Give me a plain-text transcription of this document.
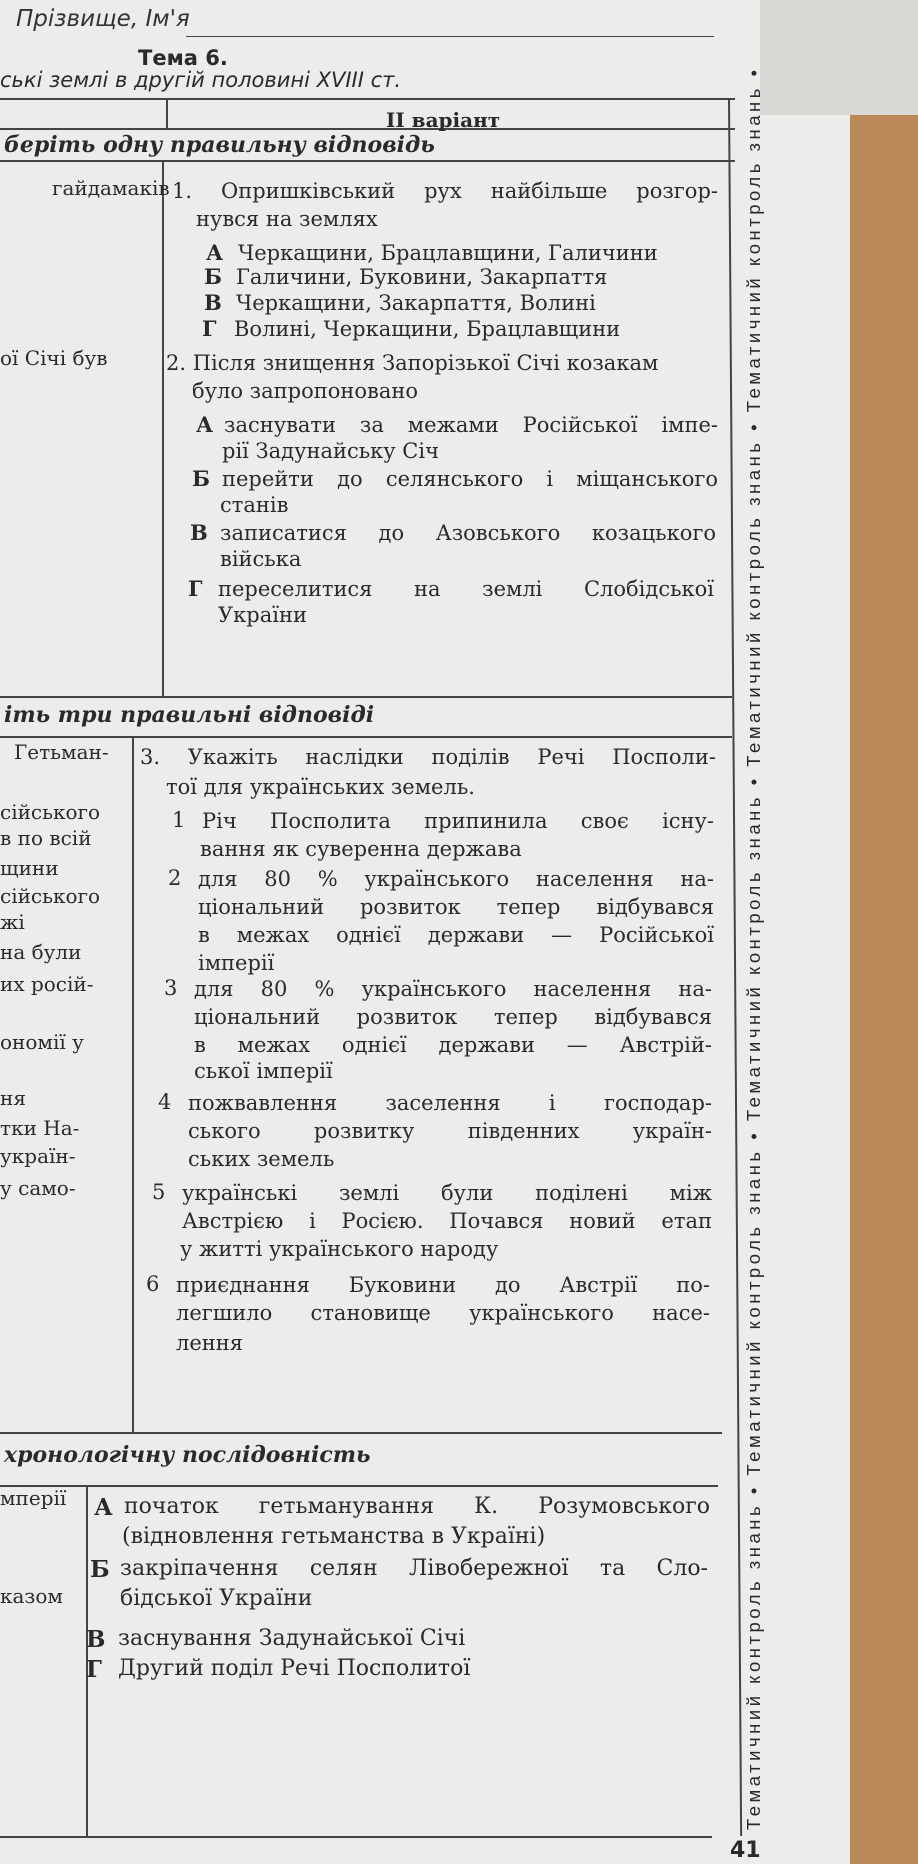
Прізвище, Ім'я
Тема 6.
ські землі в другій половині XVIII ст.
II варіант
беріть одну правильну відповідь
іть три правильні відповіді
хронологічну послідовність
гайдамаків
ої Січі був
Гетьман-
сійського
в по всій
щини
сійського
жі
на були
их росій-
ономії у
ня
тки На-
україн-
у само-
мперії
казом
1. Опришківський рух найбільше розгор-
нувся на землях
А Черкащини, Брацлавщини, Галичини
Б Галичини, Буковини, Закарпаття
В Черкащини, Закарпаття, Волині
Г Волині, Черкащини, Брацлавщини
2. Після знищення Запорізької Січі козакам
було запропоновано
А заснувати за межами Російської імпе-
рії Задунайську Січ
Б перейти до селянського і міщанського
станів
В записатися до Азовського козацького
війська
Г переселитися на землі Слобідської
України
3. Укажіть наслідки поділів Речі Посполи-
тої для українських земель.
1 Річ Посполита припинила своє існу-
вання як суверенна держава
2 для 80 % українського населення на-
ціональний розвиток тепер відбувався
в межах однієї держави — Російської
імперії
3 для 80 % українського населення на-
ціональний розвиток тепер відбувався
в межах однієї держави — Австрій-
ської імперії
4 пожвавлення заселення і господар-
ського розвитку південних україн-
ських земель
5 українські землі були поділені між
Австрією і Росією. Почався новий етап
у житті українського народу
6 приєднання Буковини до Австрії по-
легшило становище українського насе-
лення
А початок гетьманування К. Розумовського
(відновлення гетьманства в Україні)
Б закріпачення селян Лівобережної та Сло-
бідської України
В заснування Задунайської Січі
Г Другий поділ Речі Посполитої
Тематичний контроль знань • Тематичний контроль знань • Тематичний контроль знань • Тематичний контроль знань • Тематичний контроль знань •
41
